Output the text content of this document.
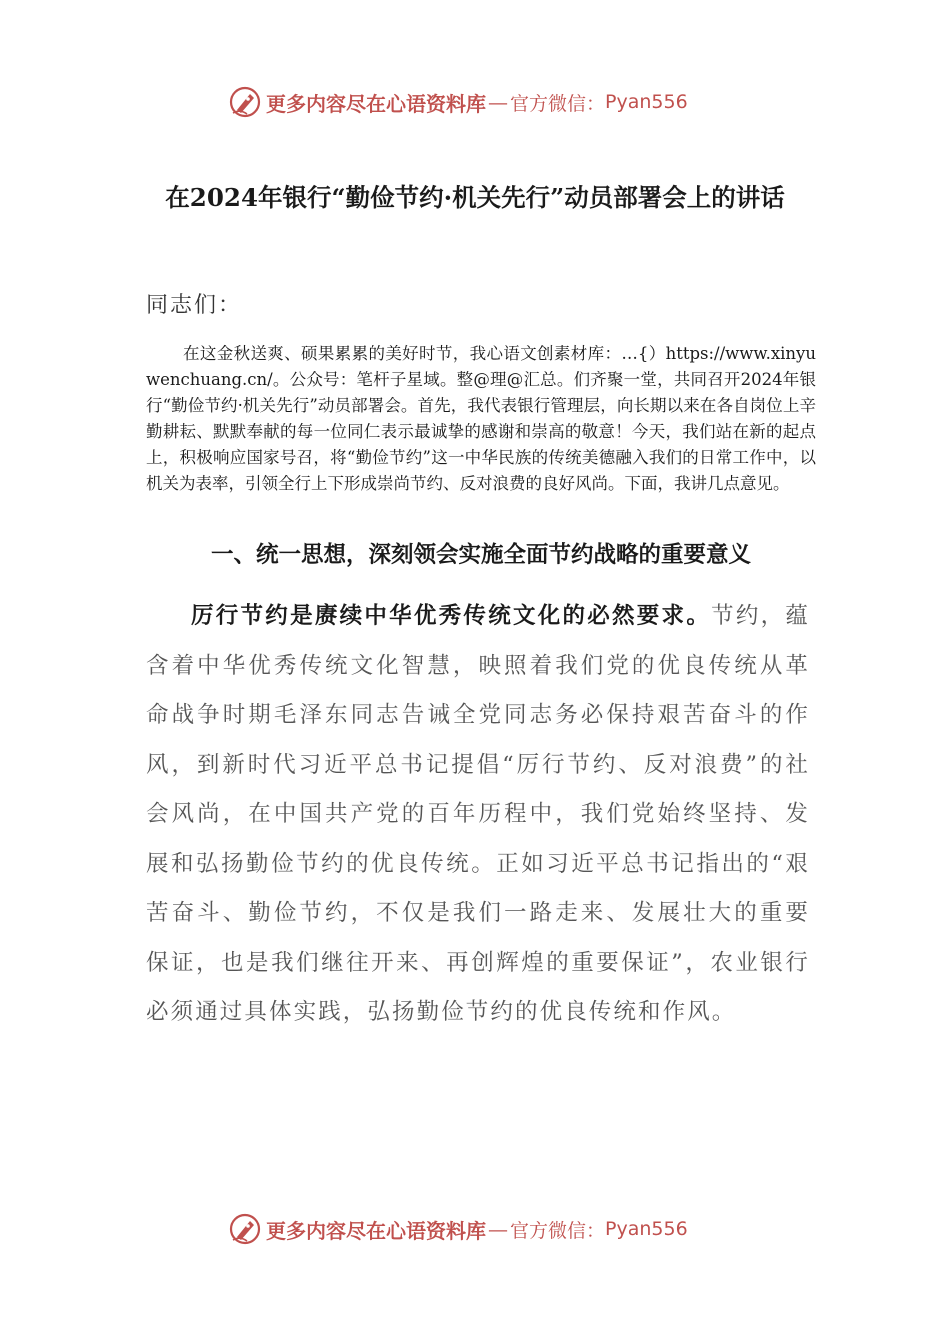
更多内容尽在心语资料库 — 官方微信： Pyan556
在2024年银行“勤俭节约·机关先行”动员部署会上的讲话
同志们：
在这金秋送爽、硕果累累的美好时节，我心语文创素材库：…{）https://www.xinyuwenchuang.cn/。公众号：笔杆子星域。整@理@汇总。们齐聚一堂，共同召开2024年银行“勤俭节约·机关先行”动员部署会。首先，我代表银行管理层，向长期以来在各自岗位上辛勤耕耘、默默奉献的每一位同仁表示最诚挚的感谢和崇高的敬意！今天，我们站在新的起点上，积极响应国家号召，将“勤俭节约”这一中华民族的传统美德融入我们的日常工作中，以机关为表率，引领全行上下形成崇尚节约、反对浪费的良好风尚。下面，我讲几点意见。
一、统一思想，深刻领会实施全面节约战略的重要意义
厉行节约是赓续中华优秀传统文化的必然要求。节约，蕴含着中华优秀传统文化智慧，映照着我们党的优良传统从革命战争时期毛泽东同志告诫全党同志务必保持艰苦奋斗的作风，到新时代习近平总书记提倡“厉行节约、反对浪费”的社会风尚，在中国共产党的百年历程中，我们党始终坚持、发展和弘扬勤俭节约的优良传统。正如习近平总书记指出的“艰苦奋斗、勤俭节约，不仅是我们一路走来、发展壮大的重要保证，也是我们继往开来、再创辉煌的重要保证”，农业银行必须通过具体实践，弘扬勤俭节约的优良传统和作风。
更多内容尽在心语资料库 — 官方微信： Pyan556
